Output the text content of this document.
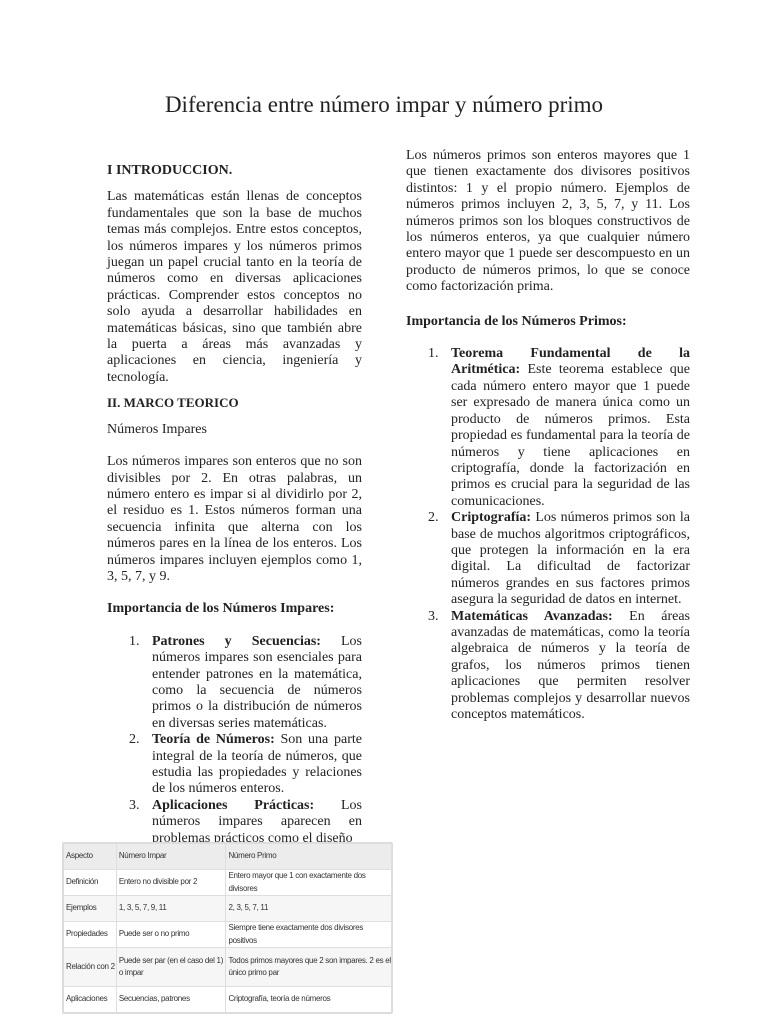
Diferencia entre número impar y número primo

I INTRODUCCION.

Las matemáticas están llenas de conceptos fundamentales que son la base de muchos temas más complejos. Entre estos conceptos, los números impares y los números primos juegan un papel crucial tanto en la teoría de números como en diversas aplicaciones prácticas. Comprender estos conceptos no solo ayuda a desarrollar habilidades en matemáticas básicas, sino que también abre la puerta a áreas más avanzadas y aplicaciones en ciencia, ingeniería y tecnología.

II. MARCO TEORICO

Números Impares

Los números impares son enteros que no son divisibles por 2. En otras palabras, un número entero es impar si al dividirlo por 2, el residuo es 1. Estos números forman una secuencia infinita que alterna con los números pares en la línea de los enteros. Los números impares incluyen ejemplos como 1, 3, 5, 7, y 9.

Importancia de los Números Impares:

1. Patrones y Secuencias: Los números impares son esenciales para entender patrones en la matemática, como la secuencia de números primos o la distribución de números en diversas series matemáticas.
2. Teoría de Números: Son una parte integral de la teoría de números, que estudia las propiedades y relaciones de los números enteros.
3. Aplicaciones Prácticas: Los números impares aparecen en problemas prácticos como el diseño

Los números primos son enteros mayores que 1 que tienen exactamente dos divisores positivos distintos: 1 y el propio número. Ejemplos de números primos incluyen 2, 3, 5, 7, y 11. Los números primos son los bloques constructivos de los números enteros, ya que cualquier número entero mayor que 1 puede ser descompuesto en un producto de números primos, lo que se conoce como factorización prima.

Importancia de los Números Primos:

1. Teorema Fundamental de la Aritmética: Este teorema establece que cada número entero mayor que 1 puede ser expresado de manera única como un producto de números primos. Esta propiedad es fundamental para la teoría de números y tiene aplicaciones en criptografía, donde la factorización en primos es crucial para la seguridad de las comunicaciones.
2. Criptografía: Los números primos son la base de muchos algoritmos criptográficos, que protegen la información en la era digital. La dificultad de factorizar números grandes en sus factores primos asegura la seguridad de datos en internet.
3. Matemáticas Avanzadas: En áreas avanzadas de matemáticas, como la teoría algebraica de números y la teoría de grafos, los números primos tienen aplicaciones que permiten resolver problemas complejos y desarrollar nuevos conceptos matemáticos.
Aspecto	Número Impar	Número Primo

Definición	Entero no divisible por 2	Entero mayor que 1 con exactamente dos divisores

Ejemplos	1, 3, 5, 7, 9, 11	2, 3, 5, 7, 11

Propiedades	Puede ser o no primo	Siempre tiene exactamente dos divisores positivos

Relación con 2	Puede ser par (en el caso del 1) o impar	Todos primos mayores que 2 son impares. 2 es el único primo par

Aplicaciones	Secuencias, patrones	Criptografía, teoría de números
